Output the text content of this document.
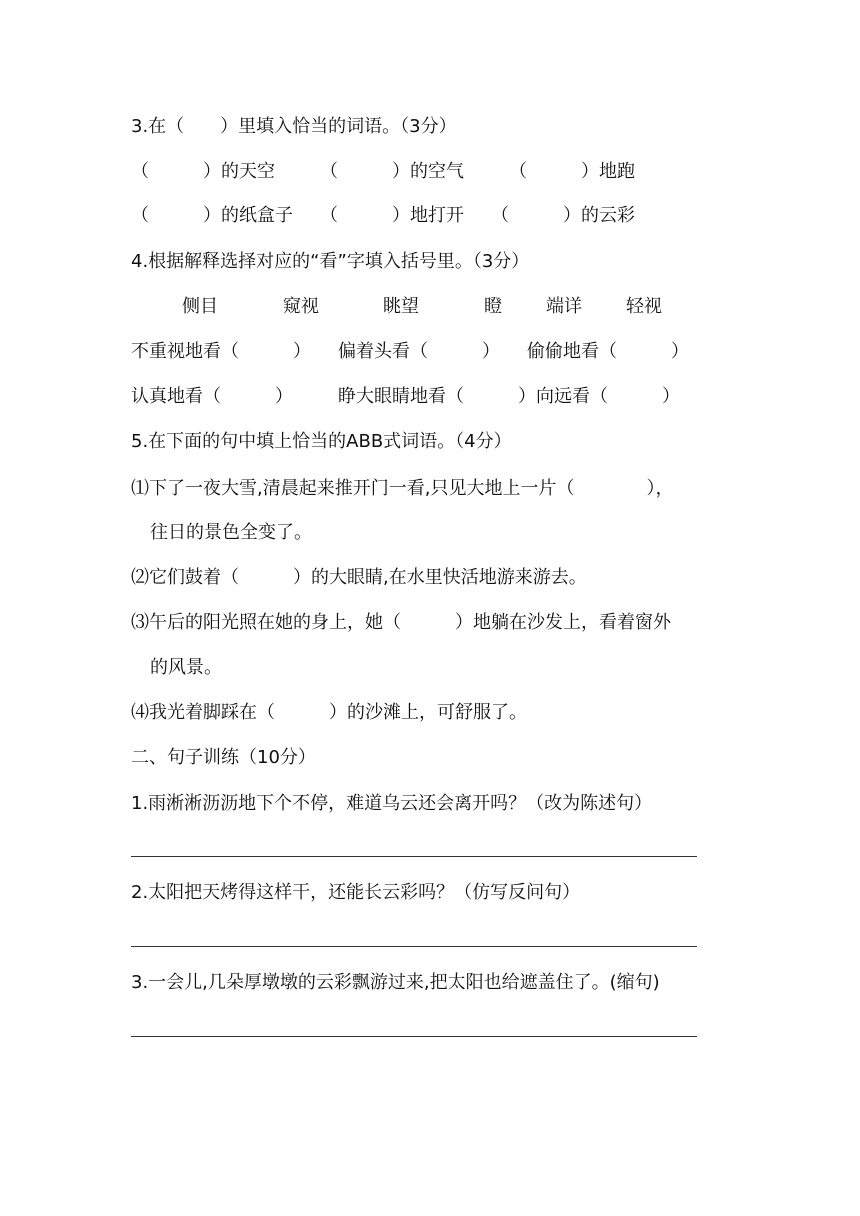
3.在（　　）里填入恰当的词语。（3分）
（　　　）的天空　　　（　　　）的空气　　　（　　　）地跑
（　　　）的纸盒子　　（　　　）地打开　　（　　　）的云彩
4.根据解释选择对应的“看”字填入括号里。（3分）
侧目	窥视	眺望	瞪 端详 轻视
不重视地看（　　　）　　偏着头看（　　　）　　偷偷地看（　　　）
认真地看（　　　）　　　睁大眼睛地看（　　　）向远看（　　　）
5.在下面的句中填上恰当的ABB式词语。（4分）
⑴下了一夜大雪,清晨起来推开门一看,只见大地上一片（　　　　），
往日的景色全变了。
⑵它们鼓着（　　　）的大眼睛,在水里快活地游来游去。
⑶午后的阳光照在她的身上，她（　　　）地躺在沙发上，看着窗外
的风景。
⑷我光着脚踩在（　　　）的沙滩上，可舒服了。
二、句子训练（10分）
1.雨淅淅沥沥地下个不停，难道乌云还会离开吗？（改为陈述句）
2.太阳把天烤得这样干，还能长云彩吗？（仿写反问句）
3.一会儿,几朵厚墩墩的云彩飘游过来,把太阳也给遮盖住了。(缩句)
